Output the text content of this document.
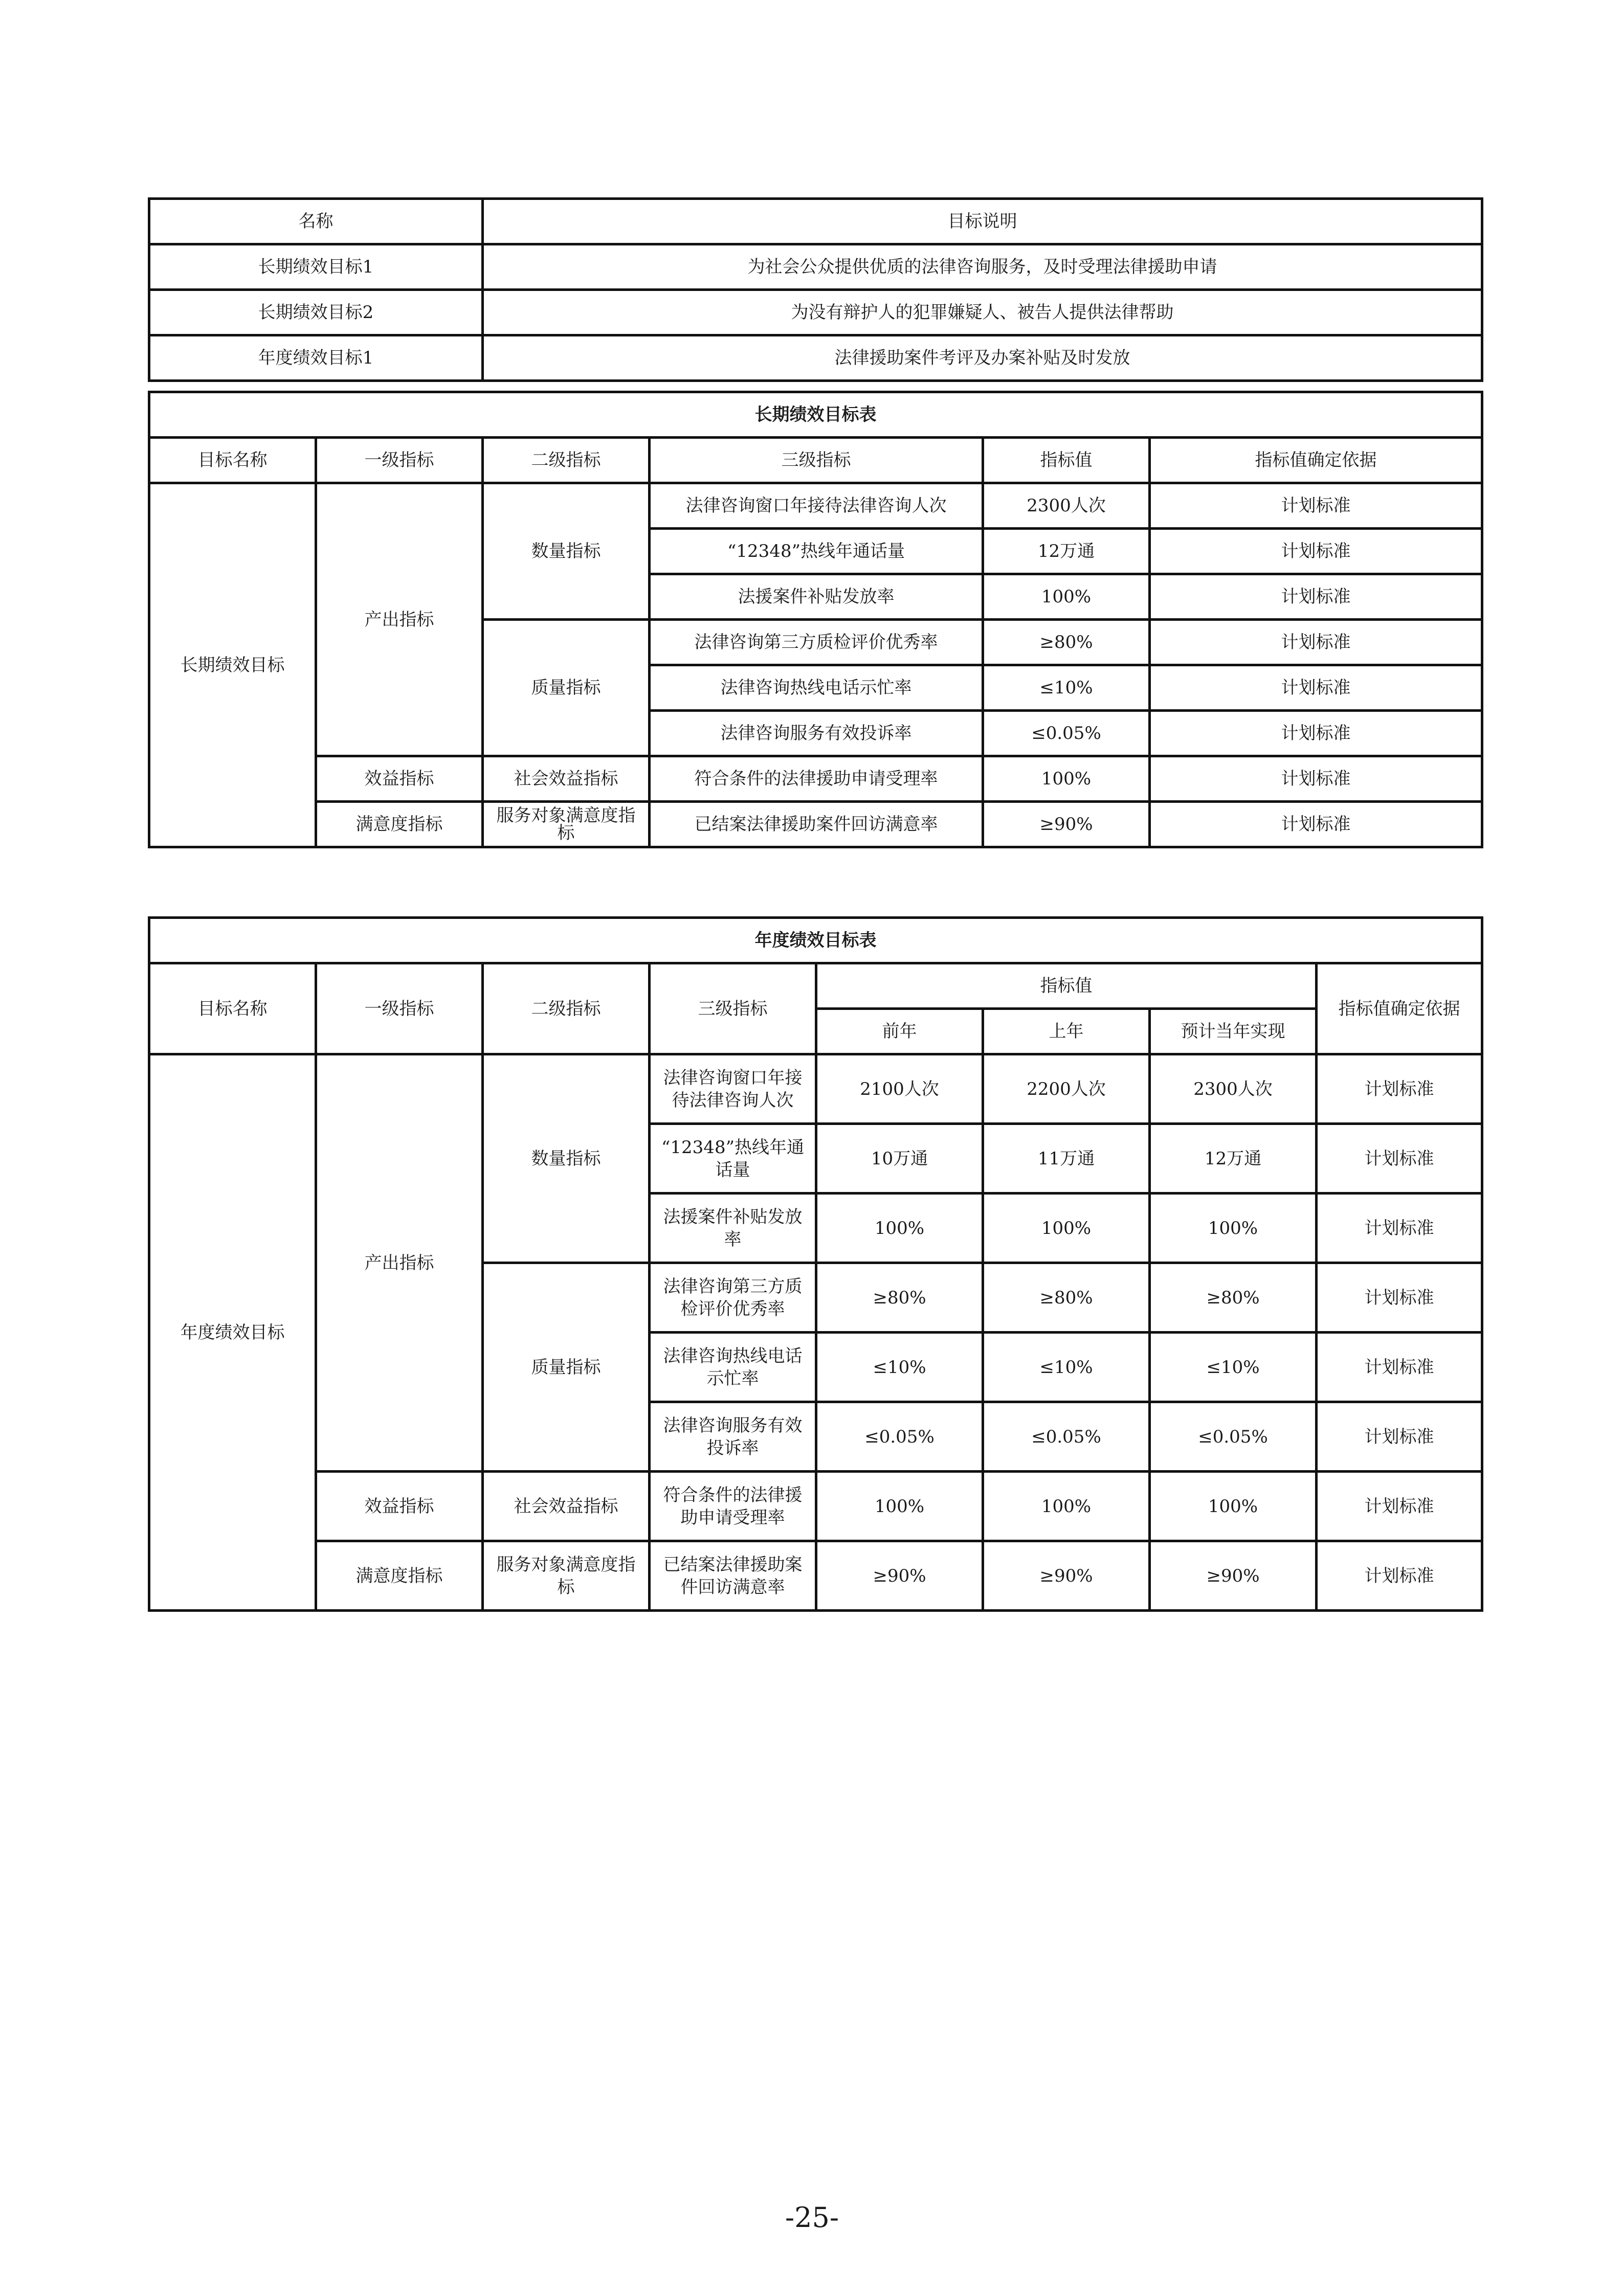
名称	目标说明
长期绩效目标1	为社会公众提供优质的法律咨询服务，及时受理法律援助申请
长期绩效目标2	为没有辩护人的犯罪嫌疑人、被告人提供法律帮助
年度绩效目标1	法律援助案件考评及办案补贴及时发放
长期绩效目标表					
目标名称	一级指标	二级指标	三级指标	指标值	指标值确定依据
长期绩效目标	产出指标	数量指标	法律咨询窗口年接待法律咨询人次	2300人次	计划标准
			“12348”热线年通话量	12万通	计划标准
			法援案件补贴发放率	100%	计划标准
		质量指标	法律咨询第三方质检评价优秀率	≥80%	计划标准
			法律咨询热线电话示忙率	≤10%	计划标准
			法律咨询服务有效投诉率	≤0.05%	计划标准
	效益指标	社会效益指标	符合条件的法律援助申请受理率	100%	计划标准
	满意度指标	服务对象满意度指标	已结案法律援助案件回访满意率	≥90%	计划标准
年度绩效目标表							
目标名称	一级指标	二级指标	三级指标	指标值			指标值确定依据
				前年	上年	预计当年实现	
年度绩效目标	产出指标	数量指标	法律咨询窗口年接待法律咨询人次	2100人次	2200人次	2300人次	计划标准
			“12348”热线年通话量	10万通	11万通	12万通	计划标准
			法援案件补贴发放率	100%	100%	100%	计划标准
		质量指标	法律咨询第三方质检评价优秀率	≥80%	≥80%	≥80%	计划标准
			法律咨询热线电话示忙率	≤10%	≤10%	≤10%	计划标准
			法律咨询服务有效投诉率	≤0.05%	≤0.05%	≤0.05%	计划标准
	效益指标	社会效益指标	符合条件的法律援助申请受理率	100%	100%	100%	计划标准
	满意度指标	服务对象满意度指标	已结案法律援助案件回访满意率	≥90%	≥90%	≥90%	计划标准
-25-
